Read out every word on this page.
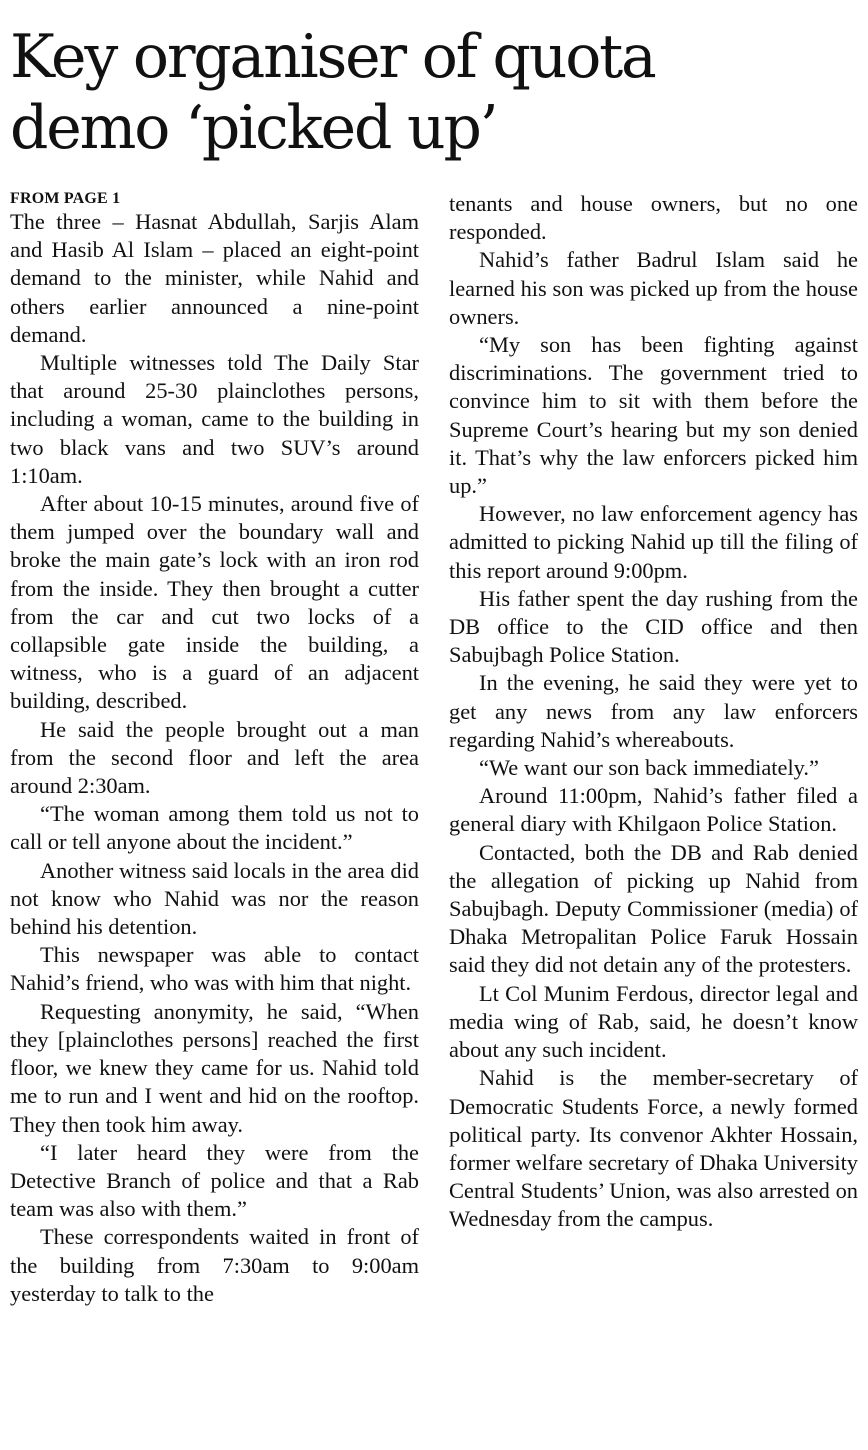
Key organiser of quota
demo ‘picked up’
FROM PAGE 1

The three – Hasnat Abdullah, Sarjis Alam and Hasib Al Islam – placed an eight-point demand to the minister, while Nahid and others earlier announced a nine-point demand.

Multiple witnesses told The Daily Star that around 25-30 plainclothes persons, including a woman, came to the building in two black vans and two SUV’s around 1:10am.

After about 10-15 minutes, around five of them jumped over the boundary wall and broke the main gate’s lock with an iron rod from the inside. They then brought a cutter from the car and cut two locks of a collapsible gate inside the building, a witness, who is a guard of an adjacent building, described.

He said the people brought out a man from the second floor and left the area around 2:30am.

“The woman among them told us not to call or tell anyone about the incident.”

Another witness said locals in the area did not know who Nahid was nor the reason behind his detention.

This newspaper was able to contact Nahid’s friend, who was with him that night.

Requesting anonymity, he said, “When they [plainclothes persons] reached the first floor, we knew they came for us. Nahid told me to run and I went and hid on the rooftop. They then took him away.

“I later heard they were from the Detective Branch of police and that a Rab team was also with them.”

These correspondents waited in front of the building from 7:30am to 9:00am yesterday to talk to the

tenants and house owners, but no one responded.

Nahid’s father Badrul Islam said he learned his son was picked up from the house owners.

“My son has been fighting against discriminations. The government tried to convince him to sit with them before the Supreme Court’s hearing but my son denied it. That’s why the law enforcers picked him up.”

However, no law enforcement agency has admitted to picking Nahid up till the filing of this report around 9:00pm.

His father spent the day rushing from the DB office to the CID office and then Sabujbagh Police Station.

In the evening, he said they were yet to get any news from any law enforcers regarding Nahid’s whereabouts.

“We want our son back immediately.”

Around 11:00pm, Nahid’s father filed a general diary with Khilgaon Police Station.

Contacted, both the DB and Rab denied the allegation of picking up Nahid from Sabujbagh. Deputy Commissioner (media) of Dhaka Metropalitan Police Faruk Hossain said they did not detain any of the protesters.

Lt Col Munim Ferdous, director legal and media wing of Rab, said, he doesn’t know about any such incident.

Nahid is the member-secretary of Democratic Students Force, a newly formed political party. Its convenor Akhter Hossain, former welfare secretary of Dhaka University Central Students’ Union, was also arrested on Wednesday from the campus.
